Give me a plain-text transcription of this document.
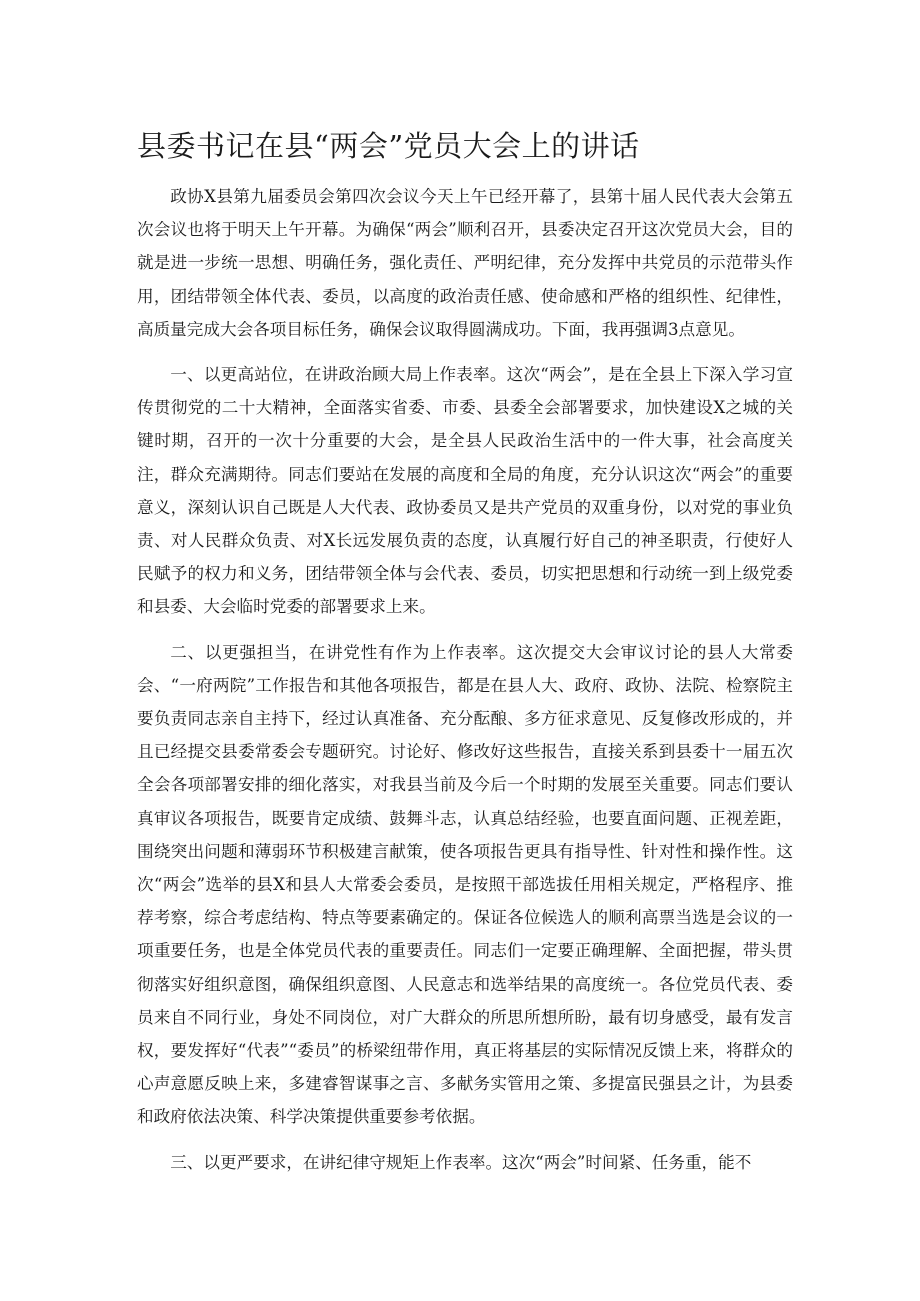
县委书记在县“两会”党员大会上的讲话

政协X县第九届委员会第四次会议今天上午已经开幕了，县第十届人民代表大会第五次会议也将于明天上午开幕。为确保“两会”顺利召开，县委决定召开这次党员大会，目的就是进一步统一思想、明确任务，强化责任、严明纪律，充分发挥中共党员的示范带头作用，团结带领全体代表、委员，以高度的政治责任感、使命感和严格的组织性、纪律性，高质量完成大会各项目标任务，确保会议取得圆满成功。下面，我再强调3点意见。

一、以更高站位，在讲政治顾大局上作表率。这次“两会”，是在全县上下深入学习宣传贯彻党的二十大精神，全面落实省委、市委、县委全会部署要求，加快建设X之城的关键时期，召开的一次十分重要的大会，是全县人民政治生活中的一件大事，社会高度关注，群众充满期待。同志们要站在发展的高度和全局的角度，充分认识这次“两会”的重要意义，深刻认识自己既是人大代表、政协委员又是共产党员的双重身份，以对党的事业负责、对人民群众负责、对X长远发展负责的态度，认真履行好自己的神圣职责，行使好人民赋予的权力和义务，团结带领全体与会代表、委员，切实把思想和行动统一到上级党委和县委、大会临时党委的部署要求上来。

二、以更强担当，在讲党性有作为上作表率。这次提交大会审议讨论的县人大常委会、“一府两院”工作报告和其他各项报告，都是在县人大、政府、政协、法院、检察院主要负责同志亲自主持下，经过认真准备、充分酝酿、多方征求意见、反复修改形成的，并且已经提交县委常委会专题研究。讨论好、修改好这些报告，直接关系到县委十一届五次全会各项部署安排的细化落实，对我县当前及今后一个时期的发展至关重要。同志们要认真审议各项报告，既要肯定成绩、鼓舞斗志，认真总结经验，也要直面问题、正视差距，围绕突出问题和薄弱环节积极建言献策，使各项报告更具有指导性、针对性和操作性。这次“两会”选举的县X和县人大常委会委员，是按照干部选拔任用相关规定，严格程序、推荐考察，综合考虑结构、特点等要素确定的。保证各位候选人的顺利高票当选是会议的一项重要任务，也是全体党员代表的重要责任。同志们一定要正确理解、全面把握，带头贯彻落实好组织意图，确保组织意图、人民意志和选举结果的高度统一。各位党员代表、委员来自不同行业，身处不同岗位，对广大群众的所思所想所盼，最有切身感受，最有发言权，要发挥好“代表”“委员”的桥梁纽带作用，真正将基层的实际情况反馈上来，将群众的心声意愿反映上来，多建睿智谋事之言、多献务实管用之策、多提富民强县之计，为县委和政府依法决策、科学决策提供重要参考依据。

三、以更严要求，在讲纪律守规矩上作表率。这次“两会”时间紧、任务重，能不
